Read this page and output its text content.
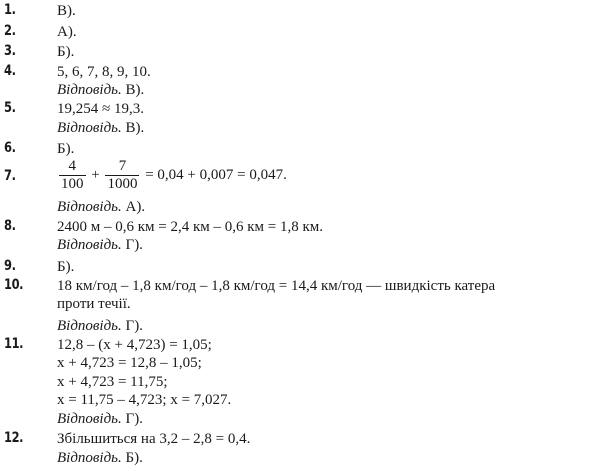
1.	В).
2.	А).
3.	Б).
4.	5, 6, 7, 8, 9, 10.
Відповідь. В).
5.	19,254 ≈ 19,3.
Відповідь. В).
6.	Б).
7.	$\frac{4}{100} + \frac{7}{1000} = 0,04 + 0,007 = 0,047$.
Відповідь. А).
8.	2400 м – 0,6 км = 2,4 км – 0,6 км = 1,8 км.
Відповідь. Г).
9.	Б).
10.	18 км/год – 1,8 км/год – 1,8 км/год = 14,4 км/год — швидкість катера
проти течії.
Відповідь. Г).
11.	12,8 – (x + 4,723) = 1,05;
x + 4,723 = 12,8 – 1,05;
x + 4,723 = 11,75;
x = 11,75 – 4,723; x = 7,027.
Відповідь. Г).
12.	Збільшиться на 3,2 – 2,8 = 0,4.
Відповідь. Б).
